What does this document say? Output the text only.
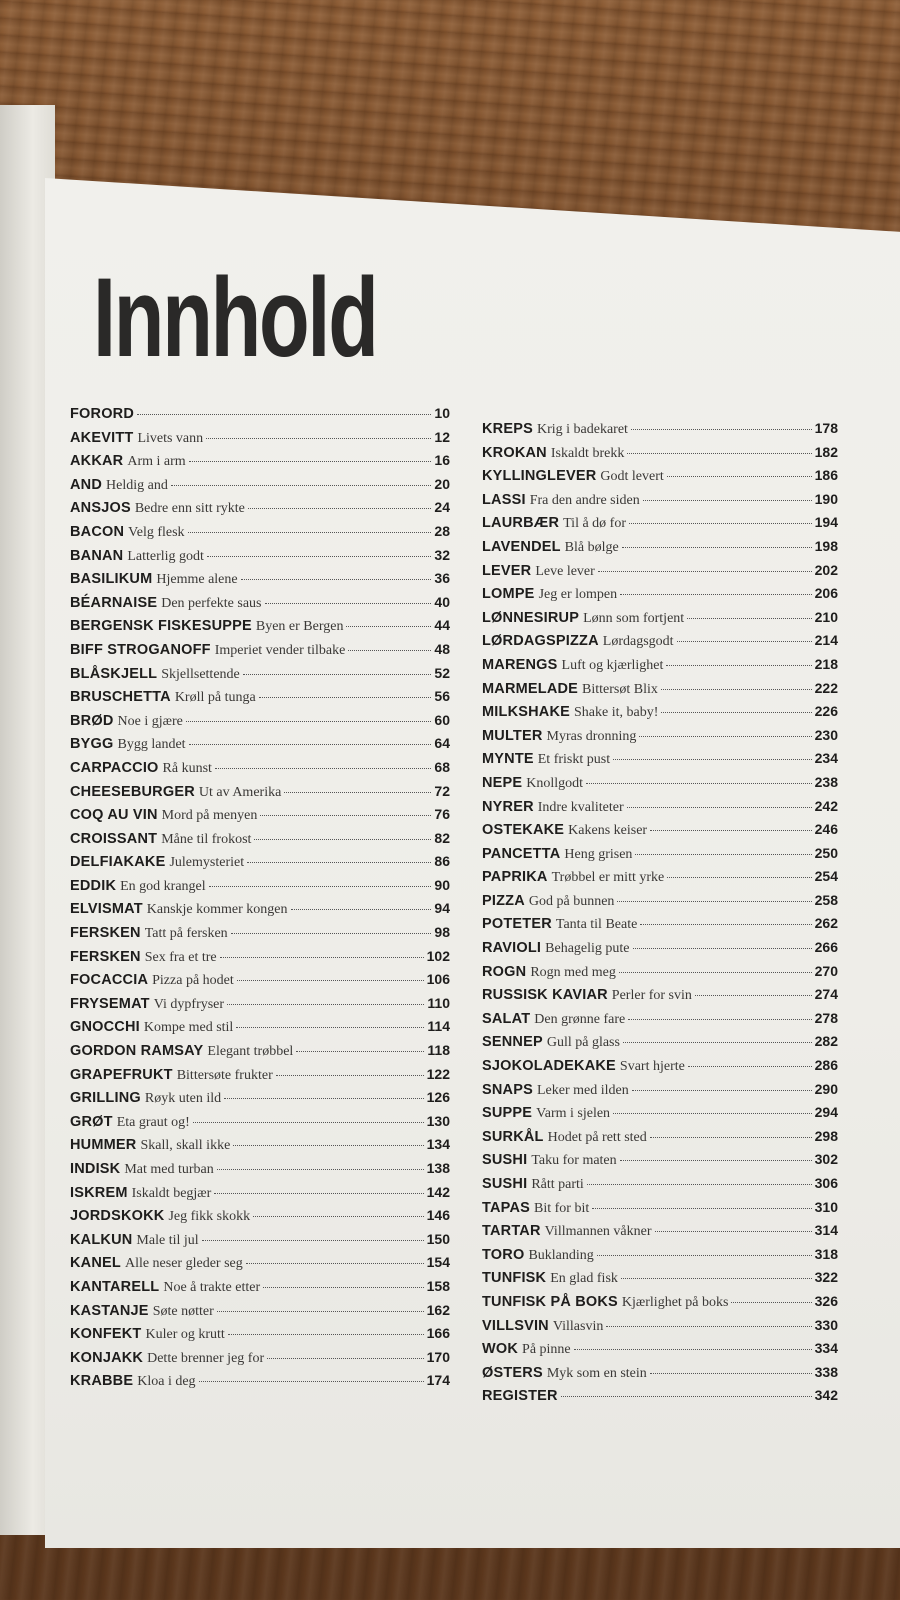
Innhold
FORORD	10
AKEVITT Livets vann	12
AKKAR Arm i arm	16
AND Heldig and	20
ANSJOS Bedre enn sitt rykte	24
BACON Velg flesk	28
BANAN Latterlig godt	32
BASILIKUM Hjemme alene	36
BÉARNAISE Den perfekte saus	40
BERGENSK FISKESUPPE Byen er Bergen	44
BIFF STROGANOFF Imperiet vender tilbake	48
BLÅSKJELL Skjellsettende	52
BRUSCHETTA Krøll på tunga	56
BRØD Noe i gjære	60
BYGG Bygg landet	64
CARPACCIO Rå kunst	68
CHEESEBURGER Ut av Amerika	72
COQ AU VIN Mord på menyen	76
CROISSANT Måne til frokost	82
DELFIAKAKE Julemysteriet	86
EDDIK En god krangel	90
ELVISMAT Kanskje kommer kongen	94
FERSKEN Tatt på fersken	98
FERSKEN Sex fra et tre	102
FOCACCIA Pizza på hodet	106
FRYSEMAT Vi dypfryser	110
GNOCCHI Kompe med stil	114
GORDON RAMSAY Elegant trøbbel	118
GRAPEFRUKT Bittersøte frukter	122
GRILLING Røyk uten ild	126
GRØT Eta graut og!	130
HUMMER Skall, skall ikke	134
INDISK Mat med turban	138
ISKREM Iskaldt begjær	142
JORDSKOKK Jeg fikk skokk	146
KALKUN Male til jul	150
KANEL Alle neser gleder seg	154
KANTARELL Noe å trakte etter	158
KASTANJE Søte nøtter	162
KONFEKT Kuler og krutt	166
KONJAKK Dette brenner jeg for	170
KRABBE Kloa i deg	174
KREPS Krig i badekaret	178
KROKAN Iskaldt brekk	182
KYLLINGLEVER Godt levert	186
LASSI Fra den andre siden	190
LAURBÆR Til å dø for	194
LAVENDEL Blå bølge	198
LEVER Leve lever	202
LOMPE Jeg er lompen	206
LØNNESIRUP Lønn som fortjent	210
LØRDAGSPIZZA Lørdagsgodt	214
MARENGS Luft og kjærlighet	218
MARMELADE Bittersøt Blix	222
MILKSHAKE Shake it, baby!	226
MULTER Myras dronning	230
MYNTE Et friskt pust	234
NEPE Knollgodt	238
NYRER Indre kvaliteter	242
OSTEKAKE Kakens keiser	246
PANCETTA Heng grisen	250
PAPRIKA Trøbbel er mitt yrke	254
PIZZA God på bunnen	258
POTETER Tanta til Beate	262
RAVIOLI Behagelig pute	266
ROGN Rogn med meg	270
RUSSISK KAVIAR Perler for svin	274
SALAT Den grønne fare	278
SENNEP Gull på glass	282
SJOKOLADEKAKE Svart hjerte	286
SNAPS Leker med ilden	290
SUPPE Varm i sjelen	294
SURKÅL Hodet på rett sted	298
SUSHI Taku for maten	302
SUSHI Rått parti	306
TAPAS Bit for bit	310
TARTAR Villmannen våkner	314
TORO Buklanding	318
TUNFISK En glad fisk	322
TUNFISK PÅ BOKS Kjærlighet på boks	326
VILLSVIN Villasvin	330
WOK På pinne	334
ØSTERS Myk som en stein	338
REGISTER	342
